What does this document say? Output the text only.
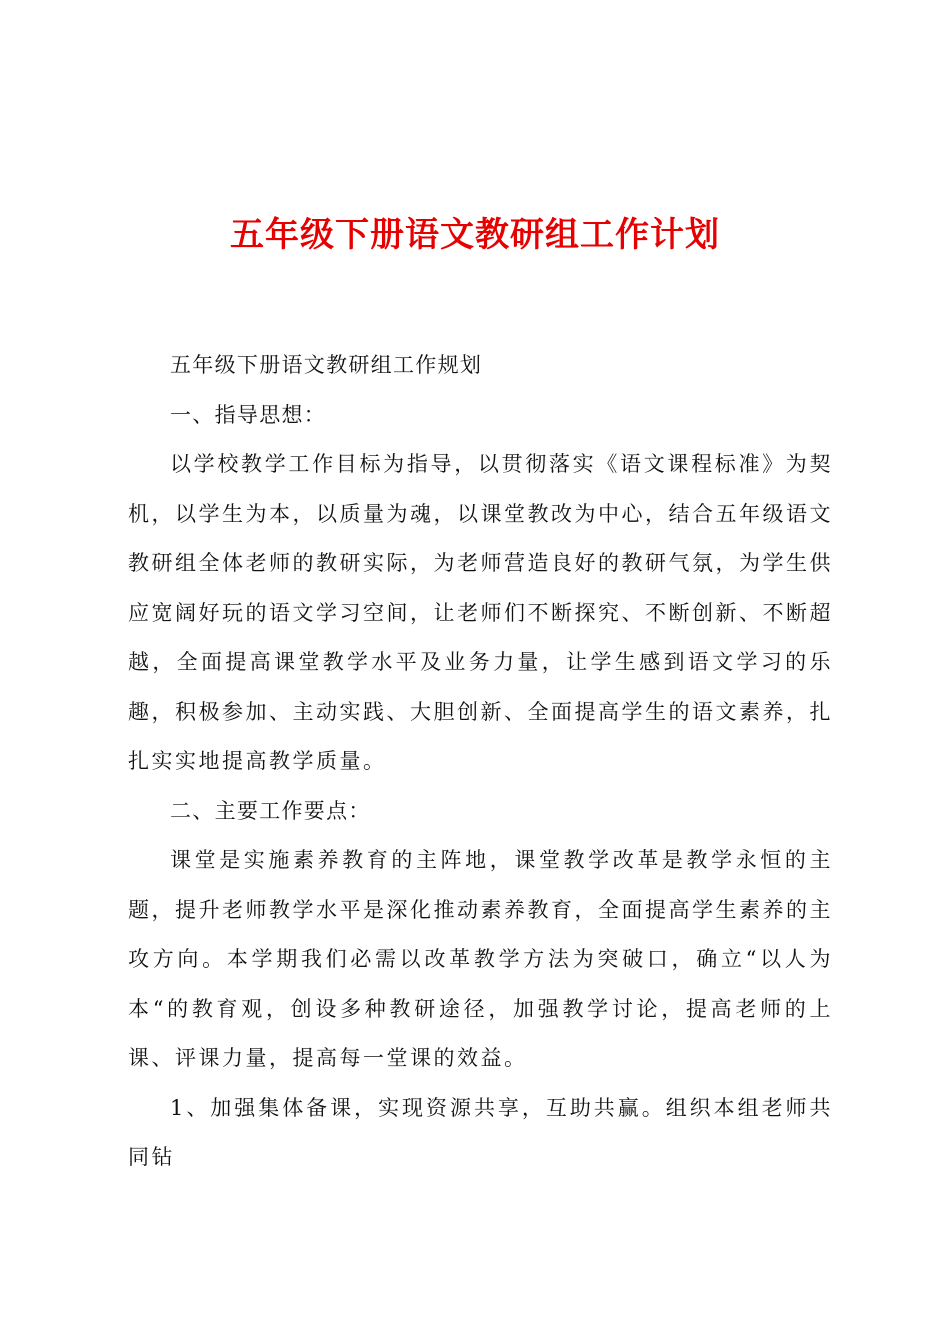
五年级下册语文教研组工作计划

五年级下册语文教研组工作规划

一、指导思想：

以学校教学工作目标为指导，以贯彻落实《语文课程标准》为契机，以学生为本，以质量为魂，以课堂教改为中心，结合五年级语文教研组全体老师的教研实际，为老师营造良好的教研气氛，为学生供应宽阔好玩的语文学习空间，让老师们不断探究、不断创新、不断超越，全面提高课堂教学水平及业务力量，让学生感到语文学习的乐趣，积极参加、主动实践、大胆创新、全面提高学生的语文素养，扎扎实实地提高教学质量。

二、主要工作要点：

课堂是实施素养教育的主阵地，课堂教学改革是教学永恒的主题，提升老师教学水平是深化推动素养教育，全面提高学生素养的主攻方向。本学期我们必需以改革教学方法为突破口，确立“以人为本“的教育观，创设多种教研途径，加强教学讨论，提高老师的上课、评课力量，提高每一堂课的效益。

1、加强集体备课，实现资源共享，互助共赢。组织本组老师共同钻
